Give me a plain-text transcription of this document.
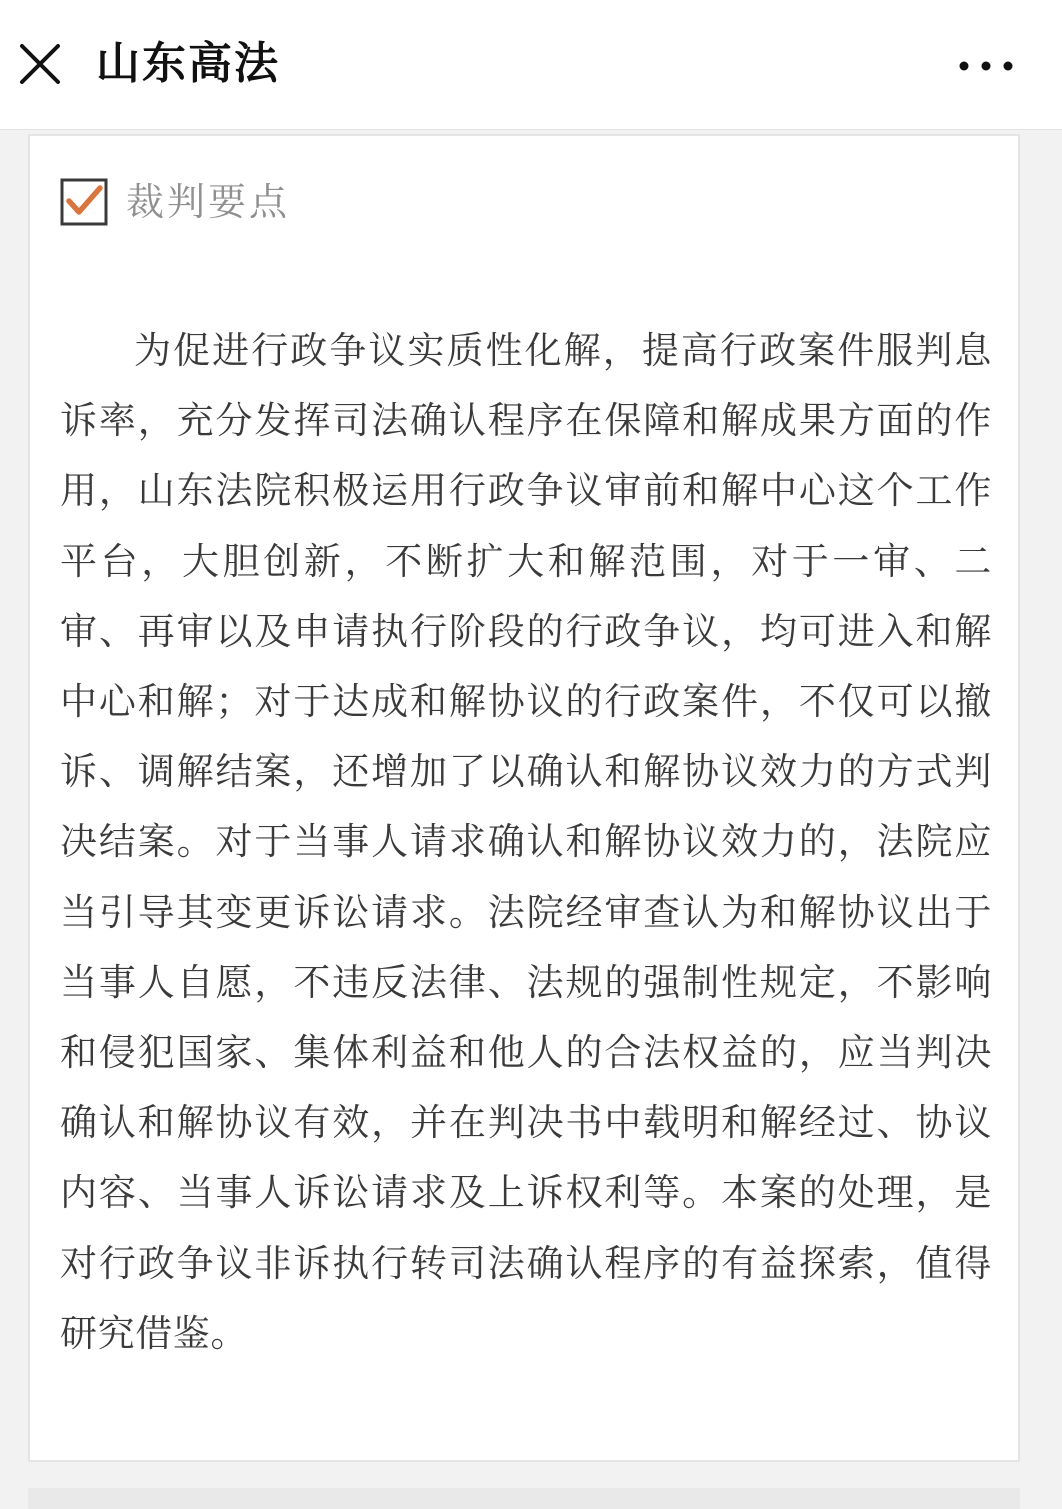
山东高法
裁判要点

为促进行政争议实质性化解，提高行政案件服判息诉率，充分发挥司法确认程序在保障和解成果方面的作用，山东法院积极运用行政争议审前和解中心这个工作平台，大胆创新，不断扩大和解范围，对于一审、二审、再审以及申请执行阶段的行政争议，均可进入和解中心和解；对于达成和解协议的行政案件，不仅可以撤诉、调解结案，还增加了以确认和解协议效力的方式判决结案。对于当事人请求确认和解协议效力的，法院应当引导其变更诉讼请求。法院经审查认为和解协议出于当事人自愿，不违反法律、法规的强制性规定，不影响和侵犯国家、集体利益和他人的合法权益的，应当判决确认和解协议有效，并在判决书中载明和解经过、协议内容、当事人诉讼请求及上诉权利等。本案的处理，是对行政争议非诉执行转司法确认程序的有益探索，值得研究借鉴。
